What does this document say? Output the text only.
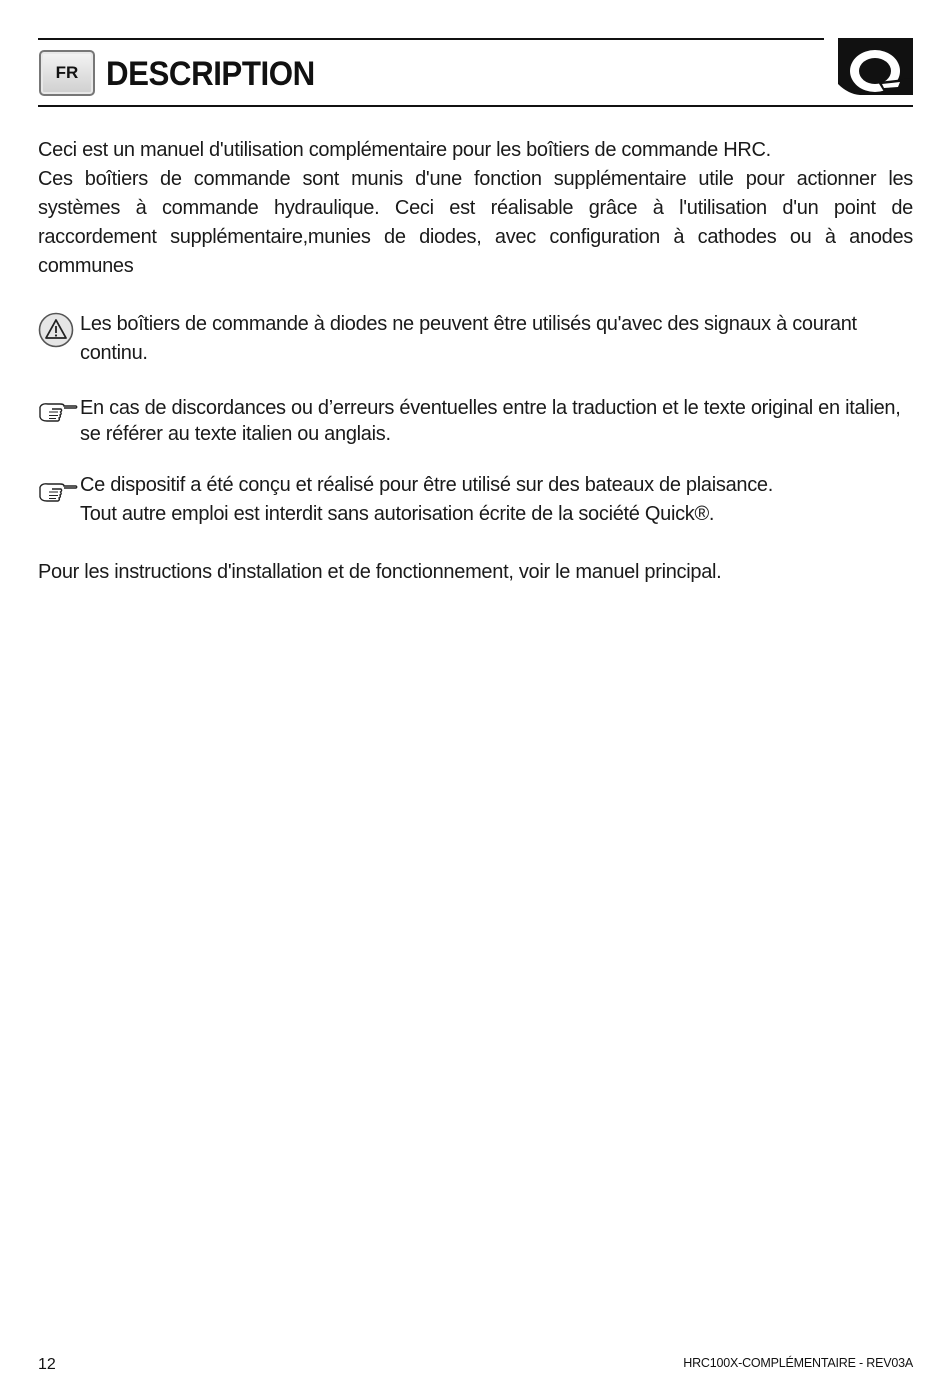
FR DESCRIPTION

Ceci est un manuel d'utilisation complémentaire pour les boîtiers de commande HRC.

Ces boîtiers de commande sont munis d'une fonction supplémentaire utile pour actionner les systèmes à commande hydraulique. Ceci est réalisable grâce à l'utilisation d'un point de raccordement supplémentaire,munies de diodes, avec configuration à cathodes ou à anodes communes

Les boîtiers de commande à diodes ne peuvent être utilisés qu'avec des signaux à courant continu.

En cas de discordances ou d’erreurs éventuelles entre la traduction et le texte original en italien, se référer au texte italien ou anglais.

Ce dispositif a été conçu et réalisé pour être utilisé sur des bateaux de plaisance.

Tout autre emploi est interdit sans autorisation écrite de la société Quick®.

Pour les instructions d'installation et de fonctionnement, voir le manuel principal.

12	HRC100X-COMPLÉMENTAIRE - REV03A
